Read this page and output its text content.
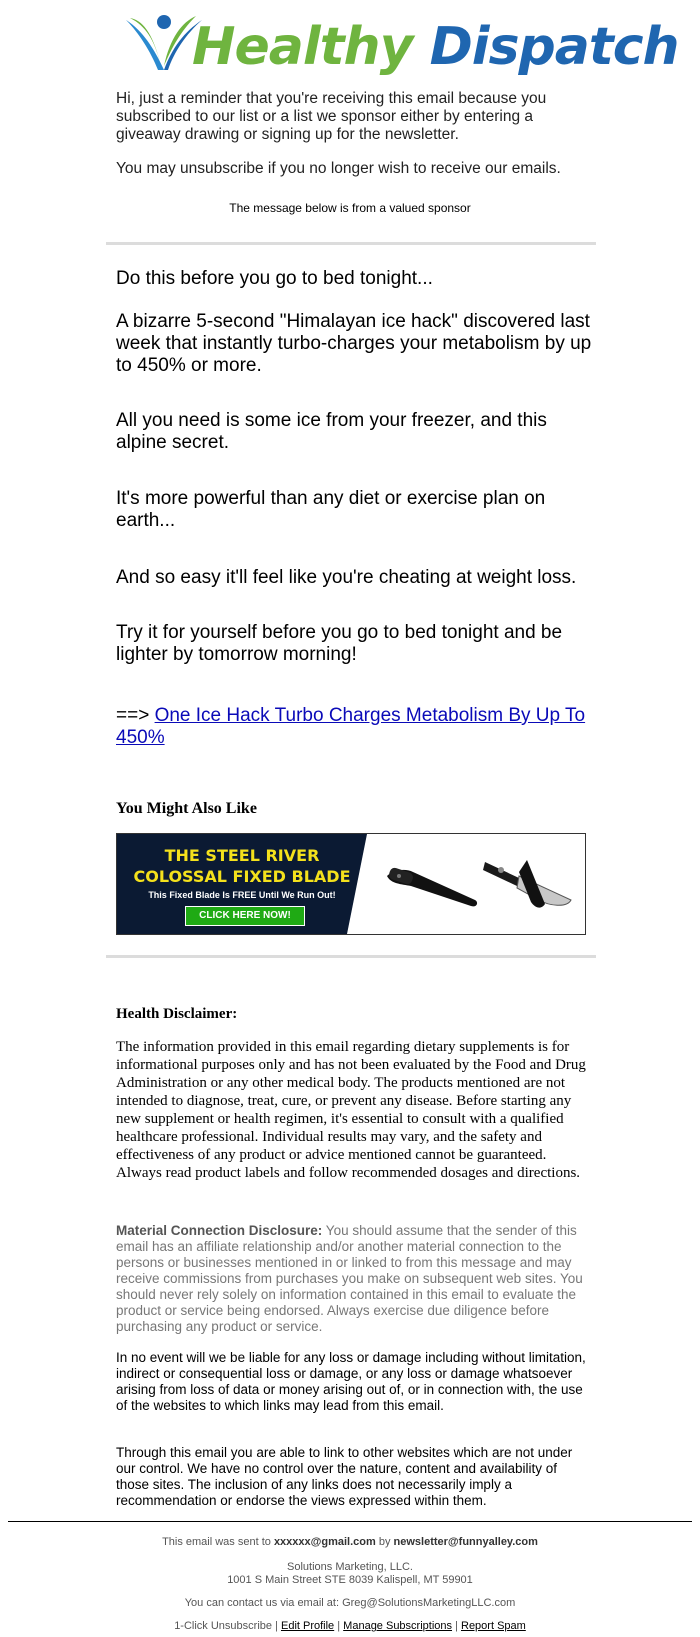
Healthy Dispatch

Hi, just a reminder that you're receiving this email because you subscribed to our list or a list we sponsor either by entering a giveaway drawing or signing up for the newsletter.

You may unsubscribe if you no longer wish to receive our emails.

The message below is from a valued sponsor

Do this before you go to bed tonight...

A bizarre 5-second "Himalayan ice hack" discovered last week that instantly turbo-charges your metabolism by up to 450% or more.

All you need is some ice from your freezer, and this alpine secret.

It's more powerful than any diet or exercise plan on earth...

And so easy it'll feel like you're cheating at weight loss.

Try it for yourself before you go to bed tonight and be lighter by tomorrow morning!

==> One Ice Hack Turbo Charges Metabolism By Up To 450%
You Might Also Like
THE STEEL RIVER
COLOSSAL FIXED BLADE
This Fixed Blade Is FREE Until We Run Out!
CLICK HERE NOW!
Health Disclaimer:

The information provided in this email regarding dietary supplements is for informational purposes only and has not been evaluated by the Food and Drug Administration or any other medical body. The products mentioned are not intended to diagnose, treat, cure, or prevent any disease. Before starting any new supplement or health regimen, it's essential to consult with a qualified healthcare professional. Individual results may vary, and the safety and effectiveness of any product or advice mentioned cannot be guaranteed. Always read product labels and follow recommended dosages and directions.

Material Connection Disclosure: You should assume that the sender of this email has an affiliate relationship and/or another material connection to the persons or businesses mentioned in or linked to from this message and may receive commissions from purchases you make on subsequent web sites. You should never rely solely on information contained in this email to evaluate the product or service being endorsed. Always exercise due diligence before purchasing any product or service.

In no event will we be liable for any loss or damage including without limitation, indirect or consequential loss or damage, or any loss or damage whatsoever arising from loss of data or money arising out of, or in connection with, the use of the websites to which links may lead from this email.

Through this email you are able to link to other websites which are not under our control. We have no control over the nature, content and availability of those sites. The inclusion of any links does not necessarily imply a recommendation or endorse the views expressed within them.

This email was sent to xxxxxx@gmail.com by newsletter@funnyalley.com
Solutions Marketing, LLC.
1001 S Main Street STE 8039 Kalispell, MT 59901
You can contact us via email at: Greg@SolutionsMarketingLLC.com
1-Click Unsubscribe | Edit Profile | Manage Subscriptions | Report Spam
